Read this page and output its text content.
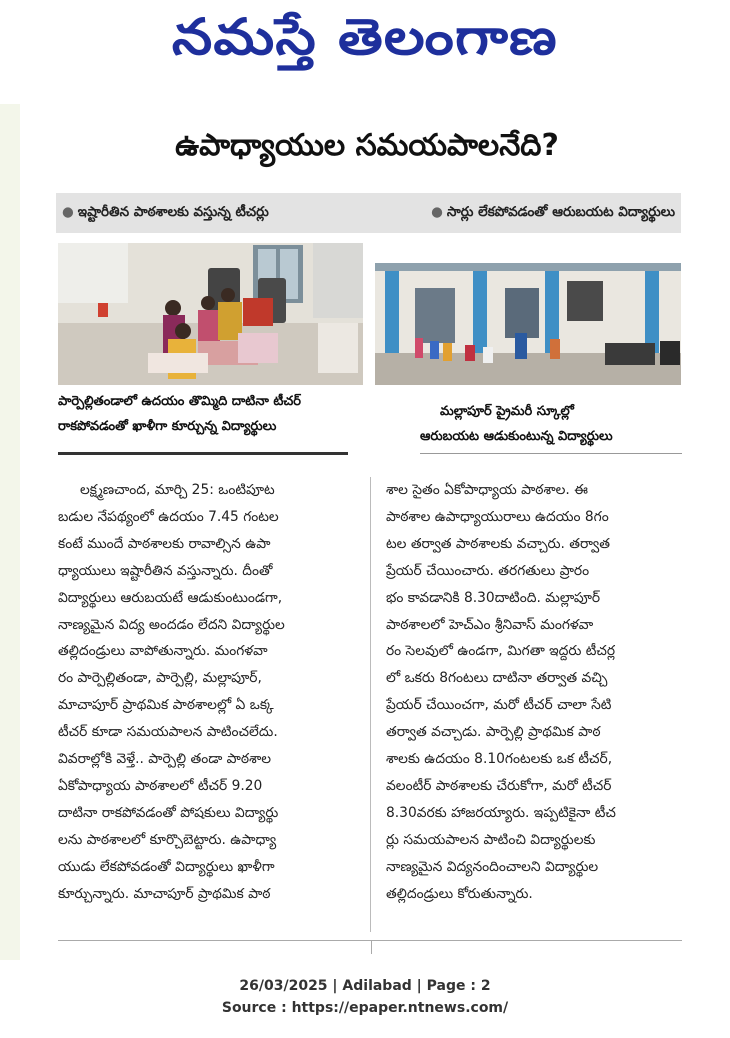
నమస్తే తెలంగాణ
ఉపాధ్యాయుల సమయపాలనేది?
● ఇష్టారీతిన పాఠశాలకు వస్తున్న టీచర్లు	● సార్లు లేకపోవడంతో ఆరుబయట విద్యార్థులు
పార్పెల్లితండాలో ఉదయం తొమ్మిది దాటినా టీచర్
రాకపోవడంతో ఖాళీగా కూర్చున్న విద్యార్థులు
మల్లాపూర్ ప్రైమరీ స్కూల్లో
ఆరుబయట ఆడుకుంటున్న విద్యార్థులు
లక్ష్మణచాంద, మార్చి 25: ఒంటిపూట
బడుల నేపథ్యంలో ఉదయం 7.45 గంటల
కంటే ముందే పాఠశాలకు రావాల్సిన ఉపా
ధ్యాయులు ఇష్టారీతిన వస్తున్నారు. దీంతో
విద్యార్థులు ఆరుబయటే ఆడుకుంటుండగా,
నాణ్యమైన విద్య అందడం లేదని విద్యార్థుల
తల్లిదండ్రులు వాపోతున్నారు. మంగళవా
రం పార్పెల్లితండా, పార్పెల్లి, మల్లాపూర్,
మాచాపూర్ ప్రాథమిక పాఠశాలల్లో ఏ ఒక్క
టీచర్ కూడా సమయపాలన పాటించలేదు.
వివరాల్లోకి వెళ్తే.. పార్పెల్లి తండా పాఠశాల
ఏకోపాధ్యాయ పాఠశాలలో టీచర్ 9.20
దాటినా రాకపోవడంతో పోషకులు విద్యార్థు
లను పాఠశాలలో కూర్చొబెట్టారు. ఉపాధ్యా
యుడు లేకపోవడంతో విద్యార్థులు ఖాళీగా
కూర్చున్నారు. మాచాపూర్ ప్రాథమిక పాఠ
శాల సైతం ఏకోపాధ్యాయ పాఠశాల. ఈ
పాఠశాల ఉపాధ్యాయురాలు ఉదయం 8గం
టల తర్వాత పాఠశాలకు వచ్చారు. తర్వాత
ప్రేయర్ చేయించారు. తరగతులు ప్రారం
భం కావడానికి 8.30దాటింది. మల్లాపూర్
పాఠశాలలో హెచ్ఎం శ్రీనివాస్ మంగళవా
రం సెలవులో ఉండగా, మిగతా ఇద్దరు టీచర్ల
లో ఒకరు 8గంటలు దాటినా తర్వాత వచ్చి
ప్రేయర్ చేయించగా, మరో టీచర్ చాలా సేటి
తర్వాత వచ్చాడు. పార్పెల్లి ప్రాథమిక పాఠ
శాలకు ఉదయం 8.10గంటలకు ఒక టీచర్,
వలంటీర్ పాఠశాలకు చేరుకోగా, మరో టీచర్
8.30వరకు హాజరయ్యారు. ఇప్పటికైనా టీచ
ర్లు సమయపాలన పాటించి విద్యార్థులకు
నాణ్యమైన విద్యనందించాలని విద్యార్థుల
తల్లిదండ్రులు కోరుతున్నారు.
26/03/2025 | Adilabad | Page : 2
Source : https://epaper.ntnews.com/
